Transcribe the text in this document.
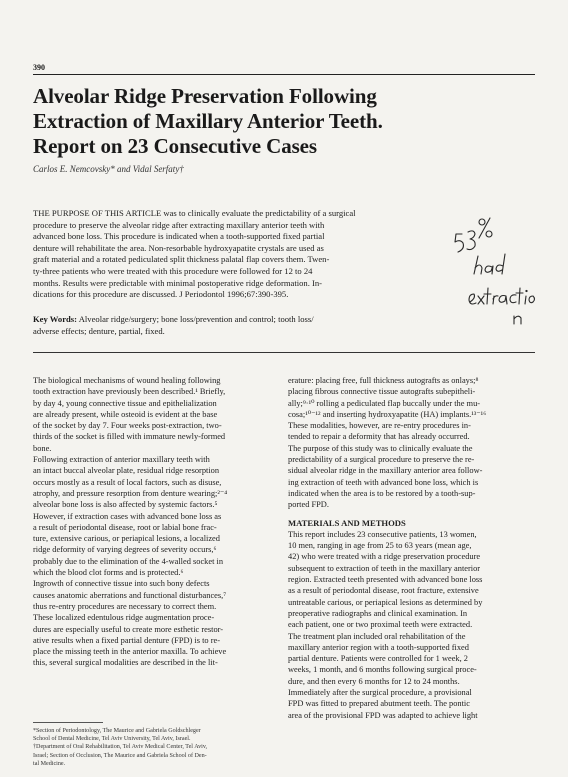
390
Alveolar Ridge Preservation Following
Extraction of Maxillary Anterior Teeth.
Report on 23 Consecutive Cases
Carlos E. Nemcovsky* and Vidal Serfaty†
THE PURPOSE OF THIS ARTICLE was to clinically evaluate the predictability of a surgical
procedure to preserve the alveolar ridge after extracting maxillary anterior teeth with
advanced bone loss. This procedure is indicated when a tooth-supported fixed partial
denture will rehabilitate the area. Non-resorbable hydroxyapatite crystals are used as
graft material and a rotated pediculated split thickness palatal flap covers them. Twen-
ty-three patients who were treated with this procedure were followed for 12 to 24
months. Results were predictable with minimal postoperative ridge deformation. In-
dications for this procedure are discussed. J Periodontol 1996;67:390-395.
Key Words: Alveolar ridge/surgery; bone loss/prevention and control; tooth loss/
adverse effects; denture, partial, fixed.
The biological mechanisms of wound healing following
tooth extraction have previously been described.¹ Briefly,
by day 4, young connective tissue and epithelialization
are already present, while osteoid is evident at the base
of the socket by day 7. Four weeks post-extraction, two-
thirds of the socket is filled with immature newly-formed
bone.
Following extraction of anterior maxillary teeth with
an intact buccal alveolar plate, residual ridge resorption
occurs mostly as a result of local factors, such as disuse,
atrophy, and pressure resorption from denture wearing;²⁻⁴
alveolar bone loss is also affected by systemic factors.⁵
However, if extraction cases with advanced bone loss as
a result of periodontal disease, root or labial bone frac-
ture, extensive carious, or periapical lesions, a localized
ridge deformity of varying degrees of severity occurs,⁶
probably due to the elimination of the 4-walled socket in
which the blood clot forms and is protected.⁶
Ingrowth of connective tissue into such bony defects
causes anatomic aberrations and functional disturbances,⁷
thus re-entry procedures are necessary to correct them.
These localized edentulous ridge augmentation proce-
dures are especially useful to create more esthetic restor-
ative results when a fixed partial denture (FPD) is to re-
place the missing teeth in the anterior maxilla. To achieve
this, several surgical modalities are described in the lit-
*Section of Periodontology, The Maurice and Gabriela Goldschleger
School of Dental Medicine, Tel Aviv University, Tel Aviv, Israel.
†Department of Oral Rehabilitation, Tel Aviv Medical Center, Tel Aviv,
Israel; Section of Occlusion, The Maurice and Gabriela School of Den-
tal Medicine.
erature: placing free, full thickness autografts as onlays;⁸
placing fibrous connective tissue autografts subepitheli-
ally;⁹·¹⁰ rolling a pediculated flap buccally under the mu-
cosa;¹⁰⁻¹² and inserting hydroxyapatite (HA) implants.¹³⁻¹⁶
These modalities, however, are re-entry procedures in-
tended to repair a deformity that has already occurred.
The purpose of this study was to clinically evaluate the
predictability of a surgical procedure to preserve the re-
sidual alveolar ridge in the maxillary anterior area follow-
ing extraction of teeth with advanced bone loss, which is
indicated when the area is to be restored by a tooth-sup-
ported FPD.
MATERIALS AND METHODS
This report includes 23 consecutive patients, 13 women,
10 men, ranging in age from 25 to 63 years (mean age,
42) who were treated with a ridge preservation procedure
subsequent to extraction of teeth in the maxillary anterior
region. Extracted teeth presented with advanced bone loss
as a result of periodontal disease, root fracture, extensive
untreatable carious, or periapical lesions as determined by
preoperative radiographs and clinical examination. In
each patient, one or two proximal teeth were extracted.
The treatment plan included oral rehabilitation of the
maxillary anterior region with a tooth-supported fixed
partial denture. Patients were controlled for 1 week, 2
weeks, 1 month, and 6 months following surgical proce-
dure, and then every 6 months for 12 to 24 months.
Immediately after the surgical procedure, a provisional
FPD was fitted to prepared abutment teeth. The pontic
area of the provisional FPD was adapted to achieve light
